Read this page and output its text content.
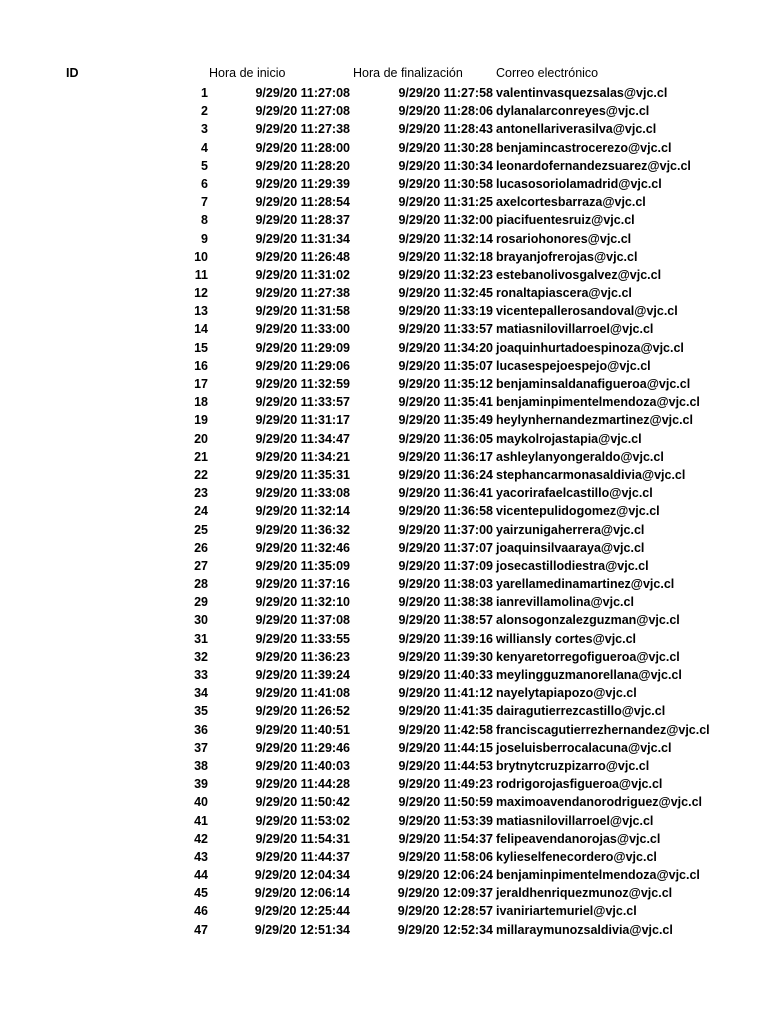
ID	Hora de inicio	Hora de finalización	Correo electrónico
1	9/29/20 11:27:08	9/29/20 11:27:58 valentinvasquezsalas@vjc.cl
2	9/29/20 11:27:08	9/29/20 11:28:06 dylanalarconreyes@vjc.cl
3	9/29/20 11:27:38	9/29/20 11:28:43 antonellariverasilva@vjc.cl
4	9/29/20 11:28:00	9/29/20 11:30:28 benjamincastrocerezo@vjc.cl
5	9/29/20 11:28:20	9/29/20 11:30:34 leonardofernandezsuarez@vjc.cl
6	9/29/20 11:29:39	9/29/20 11:30:58 lucasosoriolamadrid@vjc.cl
7	9/29/20 11:28:54	9/29/20 11:31:25 axelcortesbarraza@vjc.cl
8	9/29/20 11:28:37	9/29/20 11:32:00 piacifuentesruiz@vjc.cl
9	9/29/20 11:31:34	9/29/20 11:32:14 rosariohonores@vjc.cl
10	9/29/20 11:26:48	9/29/20 11:32:18 brayanjofrerojas@vjc.cl
11	9/29/20 11:31:02	9/29/20 11:32:23 estebanolivosgalvez@vjc.cl
12	9/29/20 11:27:38	9/29/20 11:32:45 ronaltapiascera@vjc.cl
13	9/29/20 11:31:58	9/29/20 11:33:19 vicentepallerosandoval@vjc.cl
14	9/29/20 11:33:00	9/29/20 11:33:57 matiasnilovillarroel@vjc.cl
15	9/29/20 11:29:09	9/29/20 11:34:20 joaquinhurtadoespinoza@vjc.cl
16	9/29/20 11:29:06	9/29/20 11:35:07 lucasespejoespejo@vjc.cl
17	9/29/20 11:32:59	9/29/20 11:35:12 benjaminsaldanafigueroa@vjc.cl
18	9/29/20 11:33:57	9/29/20 11:35:41 benjaminpimentelmendoza@vjc.cl
19	9/29/20 11:31:17	9/29/20 11:35:49 heylynhernandezmartinez@vjc.cl
20	9/29/20 11:34:47	9/29/20 11:36:05 maykolrojastapia@vjc.cl
21	9/29/20 11:34:21	9/29/20 11:36:17 ashleylanyongeraldo@vjc.cl
22	9/29/20 11:35:31	9/29/20 11:36:24 stephancarmonasaldivia@vjc.cl
23	9/29/20 11:33:08	9/29/20 11:36:41 yacorirafaelcastillo@vjc.cl
24	9/29/20 11:32:14	9/29/20 11:36:58 vicentepulidogomez@vjc.cl
25	9/29/20 11:36:32	9/29/20 11:37:00 yairzunigaherrera@vjc.cl
26	9/29/20 11:32:46	9/29/20 11:37:07 joaquinsilvaaraya@vjc.cl
27	9/29/20 11:35:09	9/29/20 11:37:09 josecastillodiestra@vjc.cl
28	9/29/20 11:37:16	9/29/20 11:38:03 yarellamedinamartinez@vjc.cl
29	9/29/20 11:32:10	9/29/20 11:38:38 ianrevillamolina@vjc.cl
30	9/29/20 11:37:08	9/29/20 11:38:57 alonsogonzalezguzman@vjc.cl
31	9/29/20 11:33:55	9/29/20 11:39:16 williansly cortes@vjc.cl
32	9/29/20 11:36:23	9/29/20 11:39:30 kenyaretorregofigueroa@vjc.cl
33	9/29/20 11:39:24	9/29/20 11:40:33 meylingguzmanorellana@vjc.cl
34	9/29/20 11:41:08	9/29/20 11:41:12 nayelytapiapozo@vjc.cl
35	9/29/20 11:26:52	9/29/20 11:41:35 dairagutierrezcastillo@vjc.cl
36	9/29/20 11:40:51	9/29/20 11:42:58 franciscagutierrezhernandez@vjc.cl
37	9/29/20 11:29:46	9/29/20 11:44:15 joseluisberrocalacuna@vjc.cl
38	9/29/20 11:40:03	9/29/20 11:44:53 brytnytcruzpizarro@vjc.cl
39	9/29/20 11:44:28	9/29/20 11:49:23 rodrigorojasfigueroa@vjc.cl
40	9/29/20 11:50:42	9/29/20 11:50:59 maximoavendanorodriguez@vjc.cl
41	9/29/20 11:53:02	9/29/20 11:53:39 matiasnilovillarroel@vjc.cl
42	9/29/20 11:54:31	9/29/20 11:54:37 felipeavendanorojas@vjc.cl
43	9/29/20 11:44:37	9/29/20 11:58:06 kylieselfenecordero@vjc.cl
44	9/29/20 12:04:34	9/29/20 12:06:24 benjaminpimentelmendoza@vjc.cl
45	9/29/20 12:06:14	9/29/20 12:09:37 jeraldhenriquezmunoz@vjc.cl
46	9/29/20 12:25:44	9/29/20 12:28:57 ivaniriartemuriel@vjc.cl
47	9/29/20 12:51:34	9/29/20 12:52:34 millaraymunozsaldivia@vjc.cl
